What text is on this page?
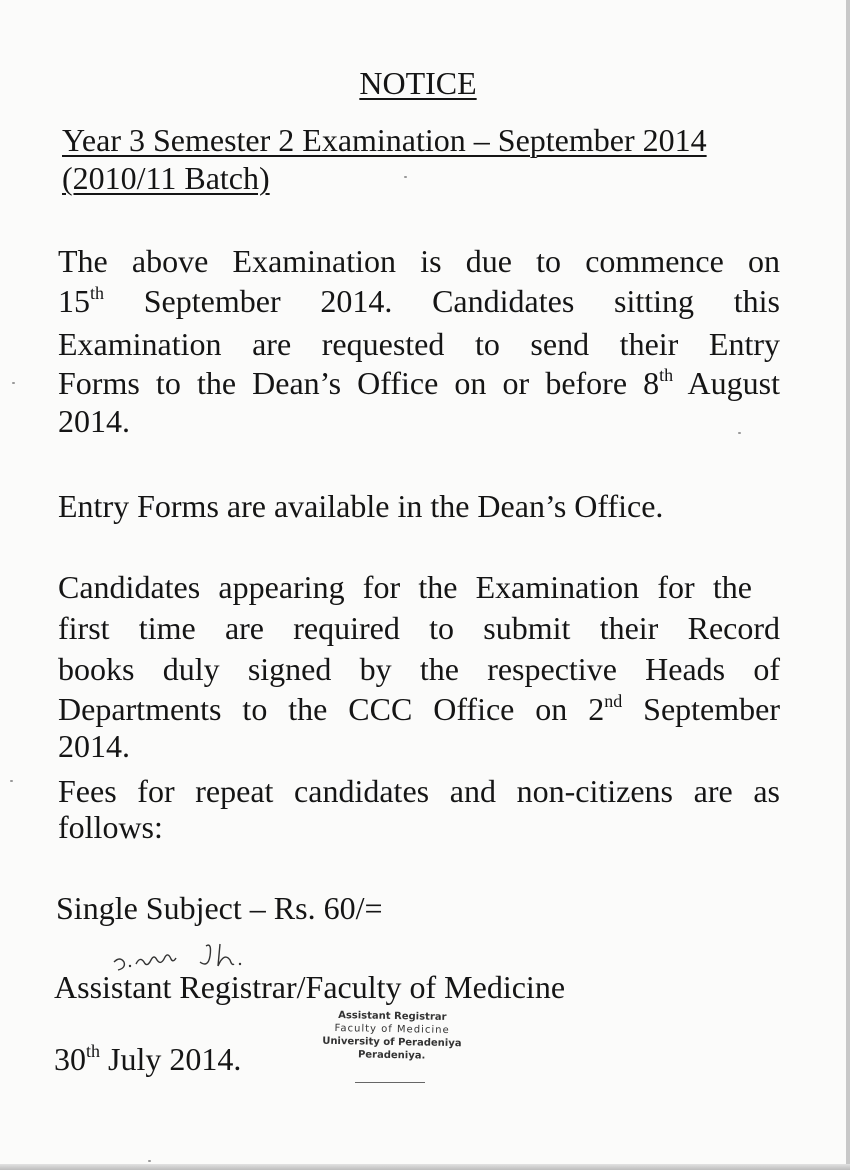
NOTICE

Year 3 Semester 2 Examination – September 2014

(2010/11 Batch)

The above Examination is due to commence on

15th September 2014. Candidates sitting this

Examination are requested to send their Entry

Forms to the Dean’s Office on or before 8th August

2014.

Entry Forms are available in the Dean’s Office.

Candidates appearing for the Examination for the

first time are required to submit their Record

books duly signed by the respective Heads of

Departments to the CCC Office on 2nd September

2014.

Fees for repeat candidates and non-citizens are as

follows:

Single Subject – Rs. 60/=

Assistant Registrar/Faculty of Medicine

30th July 2014.

Assistant Registrar
Faculty of Medicine
University of Peradeniya
Peradeniya.
